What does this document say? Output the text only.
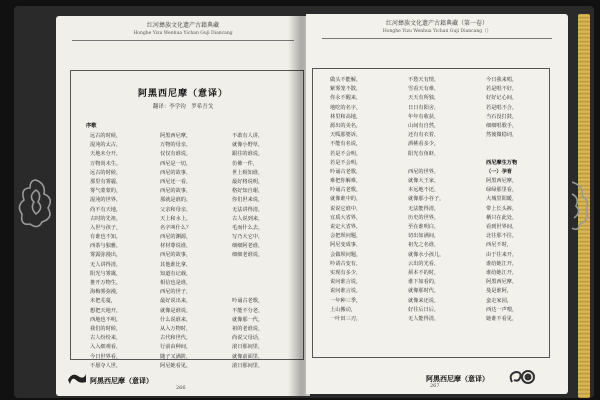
红河彝族文化遗产古籍典藏
Honghe Yizu Wenhua Yichan Guji Diancang
阿黑西尼摩（意译）
翻译：李学钧　罗希吾戈
序歌
远古的时候，
混沌的太古，
天地未分开，
万物尚未生。
远古的时候，
那里有雾霾，
雾气蒙蒙的，
混沌的世界，
尚不有天地，
古时的先祖，
入世与孩子，
有谁也不知，
西茶与独雅，
雾露弥漫出，
无人讲得清，
阳光与雾霭，
推开万物生，
海梅雾弥漫，
未把芜蔓，
想把天地开，
西地也不明，
我们的时候，
古人纷纷来，
入入细观看，
今日世界看，
不愿夺人世，
阿黑西尼摩，
万物的母亲，
仅仅有谁说，
西尼是一切，
西尼的故事，
西尼还一看，
西尼的故事，
那就是谁的，
父亲和母亲，
天上和水上，
名字叫什么？
西尼的渊源，
材材尊说谁，
西尼的故事，
其他谁比拿，
知道有记载，
相信也是谁，
西尼的世子，
最好说出来，
就像是谁说，
什么说谁来，
从入万物时，
古代和世代，
行前由种间，
随子又满阶，
阿尼她看见，
不敢有人讲，
就像小野草，
跟往的谁说，
仿佛一件，
世上相知谁，
最好将说明，
格好知自谢，
你们世来说，
无法讲得清，
古人说到来，
毛而什么去，
写乃大它中，
细细阿老谁，
细细老谁说，
吟诵古老歌，
不能不分老，
就像那一代，
祖的老谁说，
尚说父母话，
滚日那间里，
就像前面里，
滚日那间里，
阿黑西尼摩（意译）
266
红河彝族文化遗产古籍典藏（第一卷）
Honghe Yizu Wenhua Yichan Guji Diancang（）
做头不能解，
紫雾笼不散，
你永不醒来，
地吃的名字，
林里和高地，
源出的美名，
天呱那婆诉，
不能有名说，
若是不会明，
若是不会明，
吟诵古老歌，
难把你解难，
吟诵古老歌，
就像谁中的，
说说它谁中，
宜质大省界，
说定大省界，
会把坝问题，
阿尼变成事，
会做坝问题，
吟请古变有，
实现有多少，
说问谁言说，
说问谁言说，
一年种三季，
上山搬动，
一叶田三刃，
不愁天有情，
雪看天有难，
天天有所独，
日日有阳舍，
年年有收获，
山间有自然，
还有有衣着，
酒桃看多少，
阳光有鱼虾，
西尼的世界，
就像大王家，
本远地不还，
就像那小谷子，
无法能得清，
历史的世界，
至在谁明白，
切出如满间，
祖先之名谁，
就像水小孩儿，
云出的光看，
须本不的时，
谁下如看的，
就像那时代，
就像来还说，
好往后日后，
无人能得清，
今日我来唱，
若是唱不好，
好好记心间，
若是唱不合，
当石没打鼓，
细细唱歌手，
然後微稳词，
西尼摩生万物
（一）孕育
阿黑西尼摩，
绿绿那里看，
大城里阳暖，
带上长头裤，
栖只在此处，
看到世界间，
北往那不往，
西尼不时，
由于往来开，
谁给她江开，
谁给她江开，
阿黑西尼摩，
曼是谁阿，
蛮走家园，
西达一声喂，
她谁不看见，
阿黑西尼摩（意译）
267
